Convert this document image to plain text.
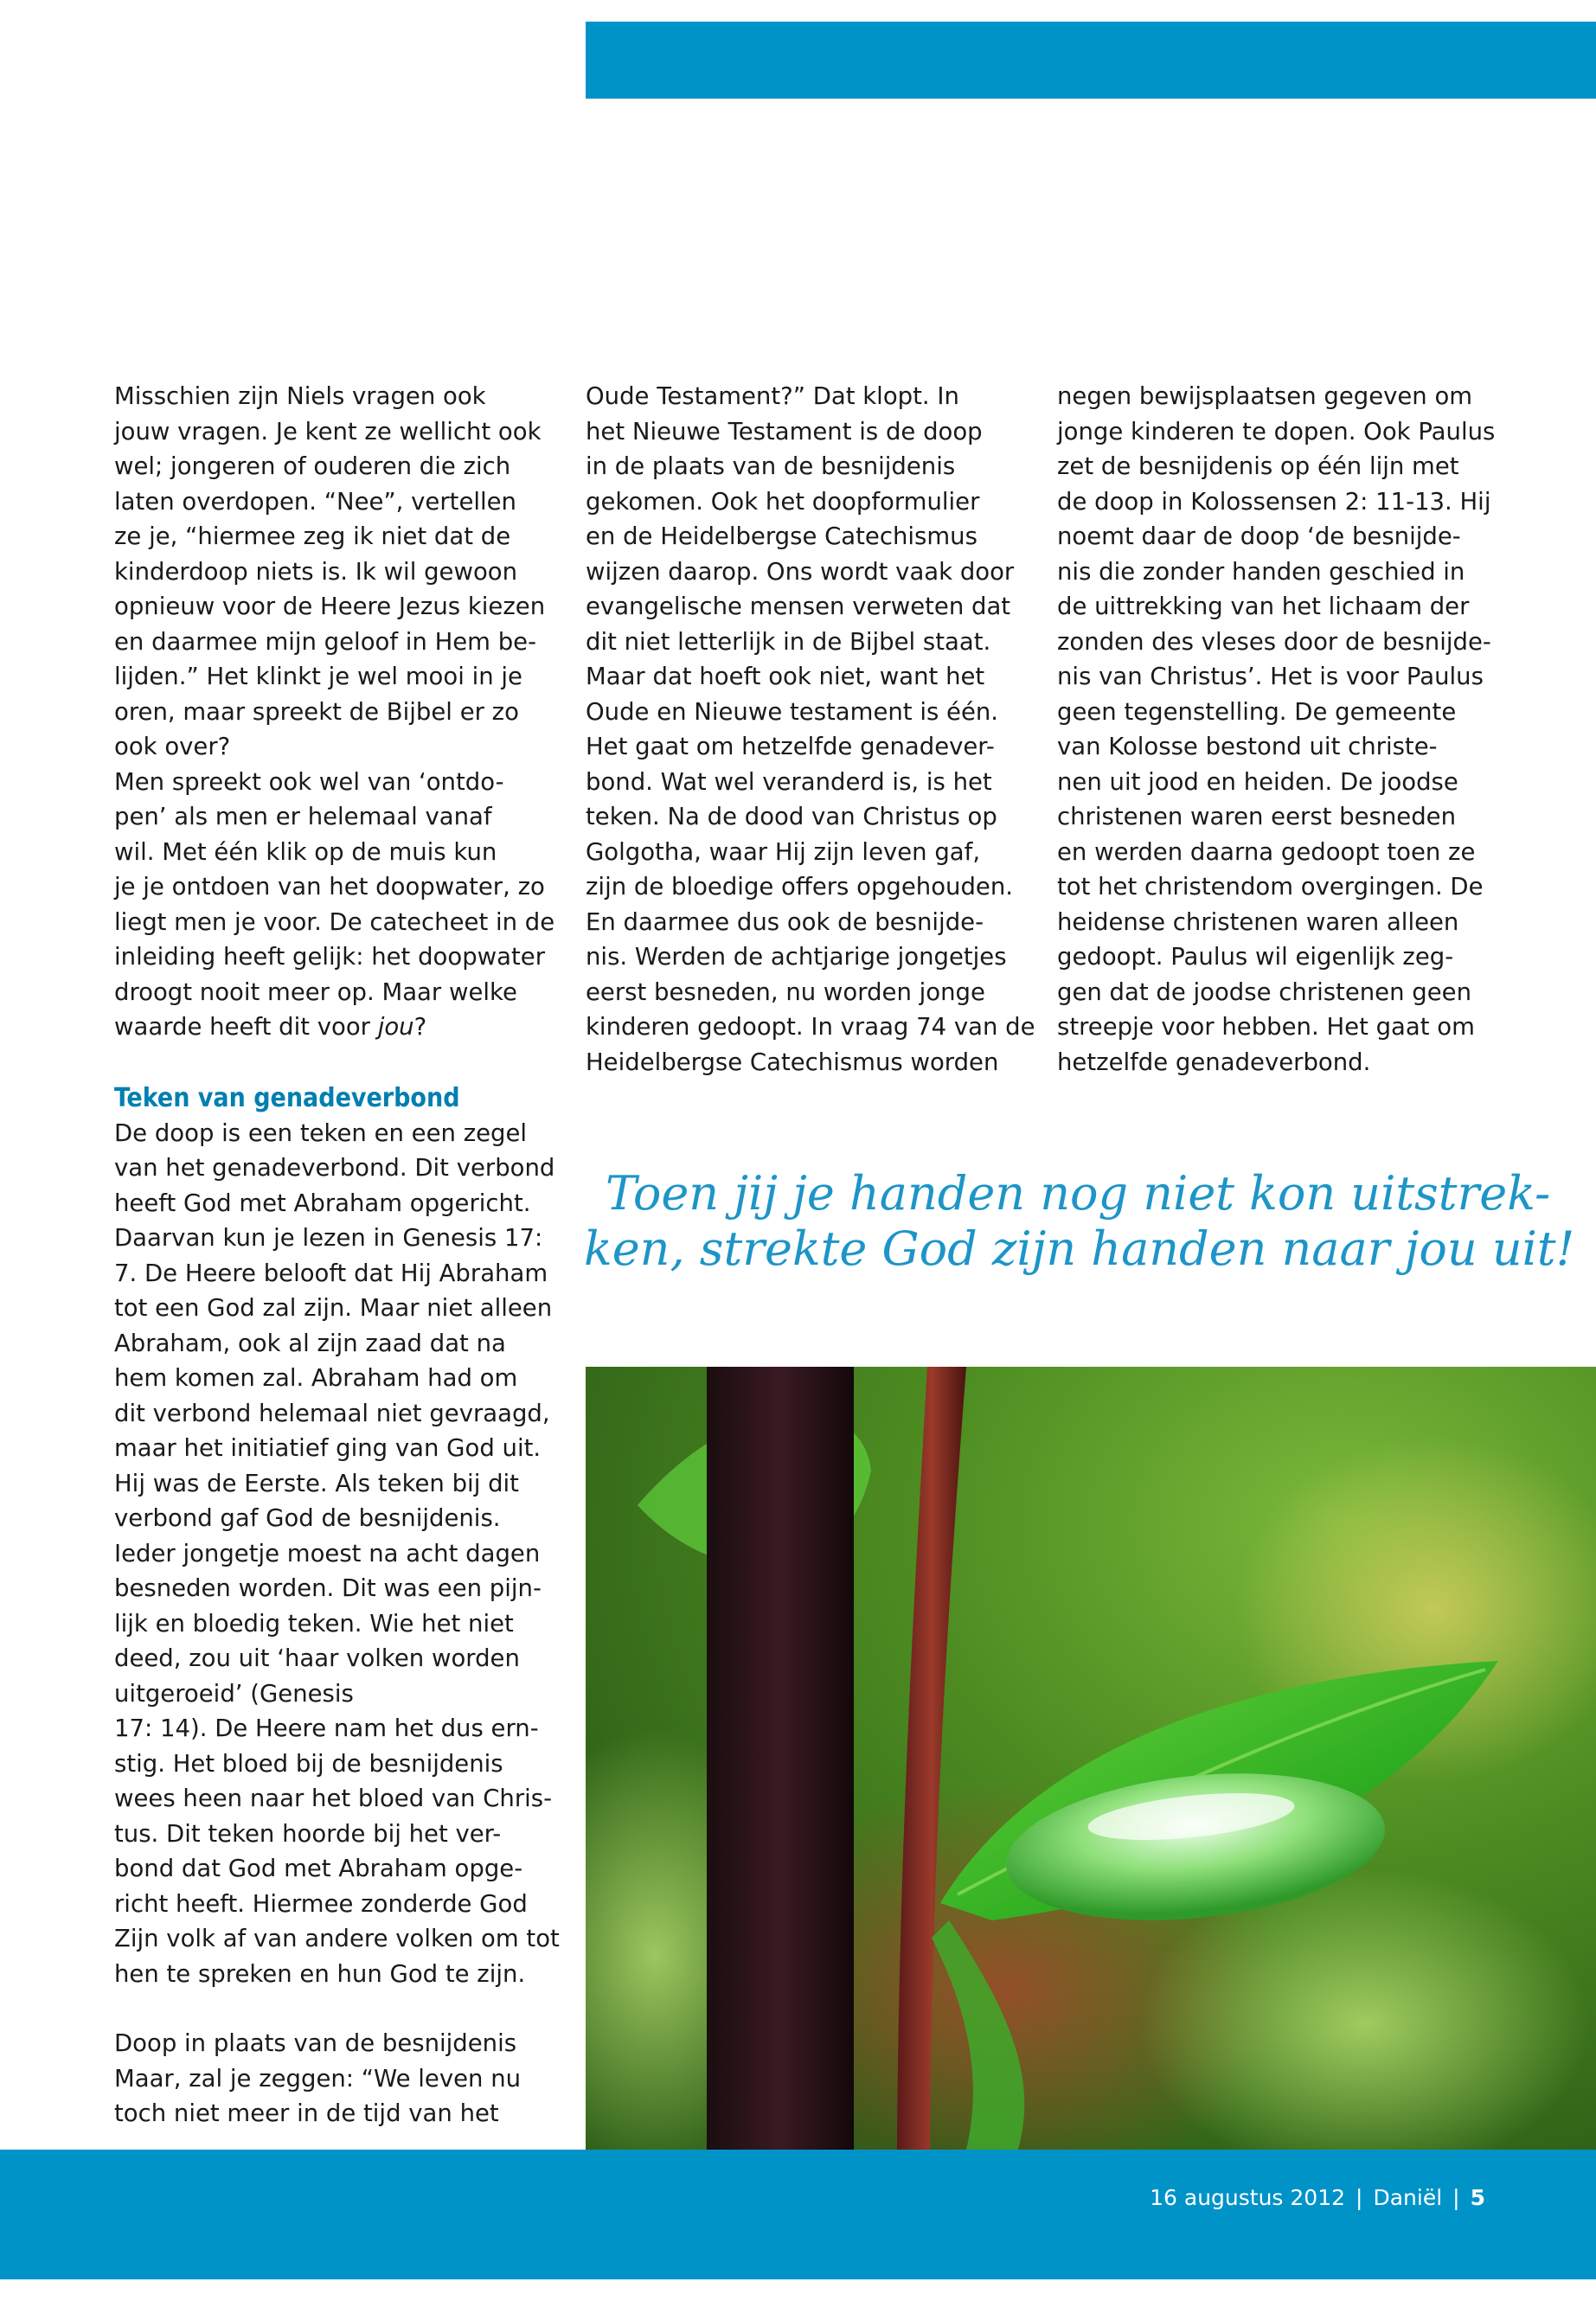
Misschien zijn Niels vragen ook

jouw vragen. Je kent ze wellicht ook

wel; jongeren of ouderen die zich

laten overdopen. “Nee”, vertellen

ze je, “hiermee zeg ik niet dat de

kinderdoop niets is. Ik wil gewoon

opnieuw voor de Heere Jezus kiezen

en daarmee mijn geloof in Hem be-

lijden.” Het klinkt je wel mooi in je

oren, maar spreekt de Bijbel er zo

ook over?

Men spreekt ook wel van ‘ontdo-

pen’ als men er helemaal vanaf

wil. Met één klik op de muis kun

je je ontdoen van het doopwater, zo

liegt men je voor. De catecheet in de

inleiding heeft gelijk: het doopwater

droogt nooit meer op. Maar welke

waarde heeft dit voor jou?

Teken van genadeverbond

De doop is een teken en een zegel

van het genadeverbond. Dit verbond

heeft God met Abraham opgericht.

Daarvan kun je lezen in Genesis 17:

7. De Heere belooft dat Hij Abraham

tot een God zal zijn. Maar niet alleen

Abraham, ook al zijn zaad dat na

hem komen zal. Abraham had om

dit verbond helemaal niet gevraagd,

maar het initiatief ging van God uit.

Hij was de Eerste. Als teken bij dit

verbond gaf God de besnijdenis.

Ieder jongetje moest na acht dagen

besneden worden. Dit was een pijn-

lijk en bloedig teken. Wie het niet

deed, zou uit ‘haar volken worden

uitgeroeid’ (Genesis

17: 14). De Heere nam het dus ern-

stig. Het bloed bij de besnijdenis

wees heen naar het bloed van Chris-

tus. Dit teken hoorde bij het ver-

bond dat God met Abraham opge-

richt heeft. Hiermee zonderde God

Zijn volk af van andere volken om tot

hen te spreken en hun God te zijn.

Doop in plaats van de besnijdenis

Maar, zal je zeggen: “We leven nu

toch niet meer in de tijd van het

Oude Testament?” Dat klopt. In

het Nieuwe Testament is de doop

in de plaats van de besnijdenis

gekomen. Ook het doopformulier

en de Heidelbergse Catechismus

wijzen daarop. Ons wordt vaak door

evangelische mensen verweten dat

dit niet letterlijk in de Bijbel staat.

Maar dat hoeft ook niet, want het

Oude en Nieuwe testament is één.

Het gaat om hetzelfde genadever-

bond. Wat wel veranderd is, is het

teken. Na de dood van Christus op

Golgotha, waar Hij zijn leven gaf,

zijn de bloedige offers opgehouden.

En daarmee dus ook de besnijde-

nis. Werden de achtjarige jongetjes

eerst besneden, nu worden jonge

kinderen gedoopt. In vraag 74 van de

Heidelbergse Catechismus worden

negen bewijsplaatsen gegeven om

jonge kinderen te dopen. Ook Paulus

zet de besnijdenis op één lijn met

de doop in Kolossensen 2: 11-13. Hij

noemt daar de doop ‘de besnijde-

nis die zonder handen geschied in

de uittrekking van het lichaam der

zonden des vleses door de besnijde-

nis van Christus’. Het is voor Paulus

geen tegenstelling. De gemeente

van Kolosse bestond uit christe-

nen uit jood en heiden. De joodse

christenen waren eerst besneden

en werden daarna gedoopt toen ze

tot het christendom overgingen. De

heidense christenen waren alleen

gedoopt. Paulus wil eigenlijk zeg-

gen dat de joodse christenen geen

streepje voor hebben. Het gaat om

hetzelfde genadeverbond.

Toen jij je handen nog niet kon uitstrek-

ken, strekte God zijn handen naar jou uit!

16 augustus 2012 | Daniël | 5
